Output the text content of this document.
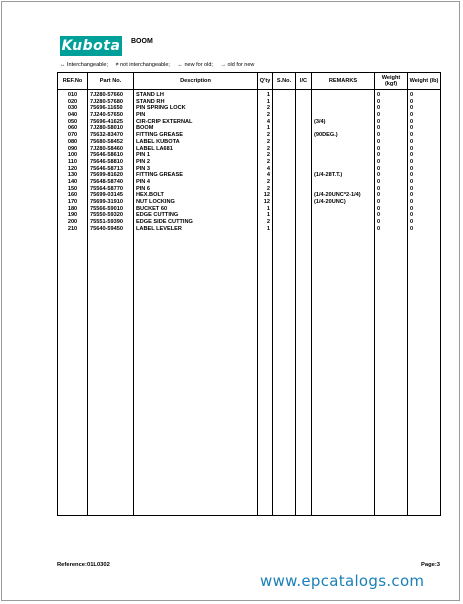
Kubota BOOM
↔ Interchangeable; ≠ not interchangeable; ← new for old; → old for new
REF.No	Part No.	Description	Q'ty	S.No.	I/C	REMARKS	Weight (kgf)	Weight (lb)

010	7J280-57660	STAND LH	1				0	0
020	7J280-57680	STAND RH	1				0	0
030	75696-11650	PIN SPRING LOCK	2				0	0
040	7J240-57650	PIN	2				0	0
050	75696-41625	CIR-CRIP EXTERNAL	4			(3/4)	0	0
060	7J280-58010	BOOM	1				0	0
070	75632-83470	FITTING GREASE	2			(90DEG.)	0	0
080	75680-58452	LABEL KUBOTA	2				0	0
090	7J280-58460	LABEL LA681	2				0	0
100	75646-58610	PIN 1	2				0	0
110	75646-58810	PIN 2	2				0	0
120	75646-58713	PIN 3	4				0	0
130	75699-81620	FITTING GREASE	4			(1/4-28T.T.)	0	0
140	75648-58740	PIN 4	2				0	0
150	75564-58770	PIN 6	2				0	0
160	75699-03145	HEX.BOLT	12			(1/4-20UNC*2-1/4)	0	0
170	75699-31910	NUT LOCKING	12			(1/4-20UNC)	0	0
180	75566-59010	BUCKET 60	1				0	0
190	75550-59320	EDGE CUTTING	1				0	0
200	75551-59390	EDGE SIDE CUTTING	2				0	0
210	75640-59450	LABEL LEVELER	1				0	0

Reference:01L0302	Page:3
www.epcatalogs.com
